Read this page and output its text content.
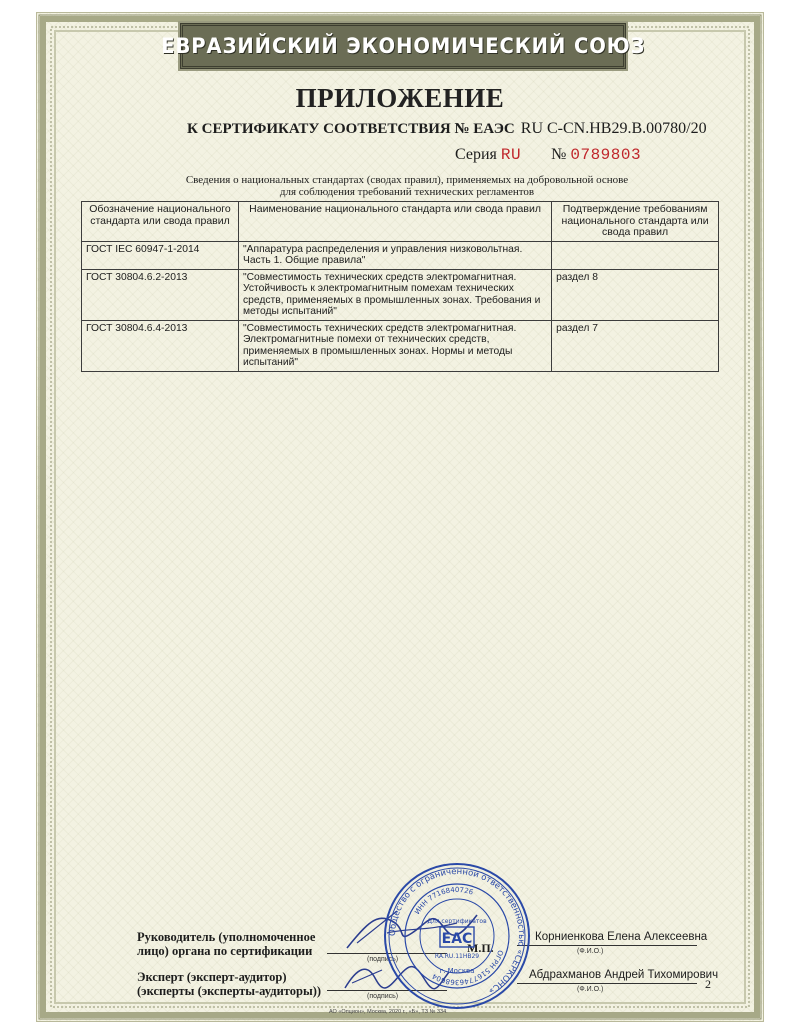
ЕВРАЗИЙСКИЙ ЭКОНОМИЧЕСКИЙ СОЮЗ
ПРИЛОЖЕНИЕ
К СЕРТИФИКАТУ СООТВЕТСТВИЯ № ЕАЭС RU C-CN.НВ29.В.00780/20
Серия RU № 0789803
Сведения о национальных стандартах (сводах правил), применяемых на добровольной основе
для соблюдения требований технических регламентов
Обозначение национального стандарта или свода правил	Наименование национального стандарта или свода правил	Подтверждение требованиям национального стандарта или свода правил
ГОСТ IEC 60947-1-2014	"Аппаратура распределения и управления низковольтная. Часть 1. Общие правила"	
ГОСТ 30804.6.2-2013	"Совместимость технических средств электромагнитная. Устойчивость к электромагнитным помехам технических средств, применяемых в промышленных зонах. Требования и методы испытаний"	раздел 8
ГОСТ 30804.6.4-2013	"Совместимость технических средств электромагнитная. Электромагнитные помехи от технических средств, применяемых в промышленных зонах. Нормы и методы испытаний"	раздел 7
Руководитель (уполномоченное
лицо) органа по сертификации
(подпись)
М.П.
Корниенкова Елена Алексеевна
(Ф.И.О.)
Эксперт (эксперт-аудитор)
(эксперты (эксперты-аудиторы))	(подпись)
Абдрахманов Андрей Тихомирович
(Ф.И.О.)	2
АО «Опцион», Москва, 2020 г., «Б», ТЗ № 334.
Общество с ограниченной ответственностью «СЕРКОНС»
ОГРН 5167746368604
ИНН 7716840726
Для сертификатов
ЕАС
RA.RU.11НВ29
г. Москва
